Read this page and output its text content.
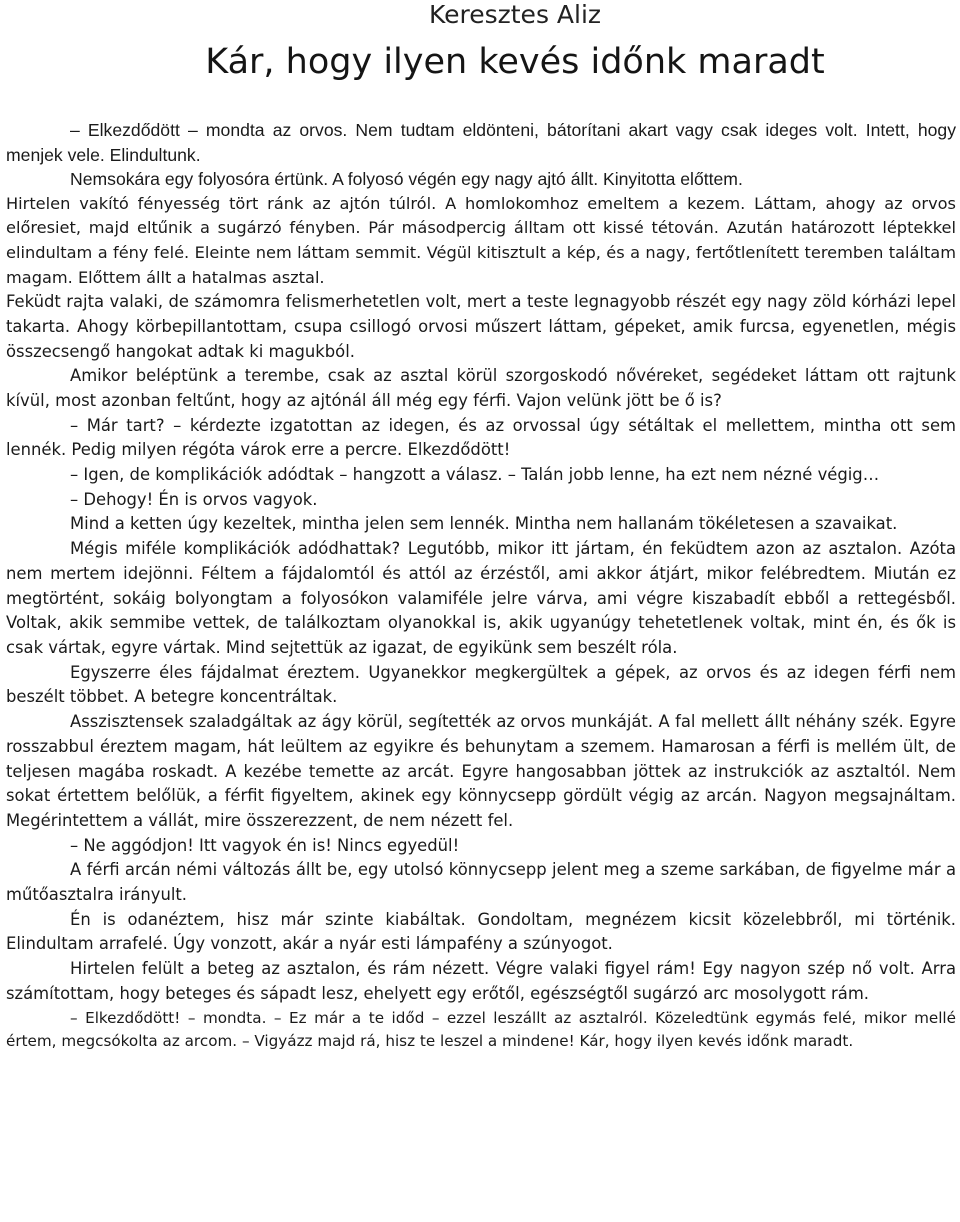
Keresztes Aliz
Kár, hogy ilyen kevés időnk maradt

– Elkezdődött – mondta az orvos. Nem tudtam eldönteni, bátorítani akart vagy csak ideges volt. Intett, hogy menjek vele. Elindultunk.

Nemsokára egy folyosóra értünk. A folyosó végén egy nagy ajtó állt. Kinyitotta előttem.

Hirtelen vakító fényesség tört ránk az ajtón túlról. A homlokomhoz emeltem a kezem. Láttam, ahogy az orvos előresiet, majd eltűnik a sugárzó fényben. Pár másodpercig álltam ott kissé tétován. Azután határozott léptekkel elindultam a fény felé. Eleinte nem láttam semmit. Végül kitisztult a kép, és a nagy, fertőtlenített teremben találtam magam. Előttem állt a hatalmas asztal.

Feküdt rajta valaki, de számomra felismerhetetlen volt, mert a teste legnagyobb részét egy nagy zöld kórházi lepel takarta. Ahogy körbepillantottam, csupa csillogó orvosi műszert láttam, gépeket, amik furcsa, egyenetlen, mégis összecsengő hangokat adtak ki magukból.

Amikor beléptünk a terembe, csak az asztal körül szorgoskodó nővéreket, segédeket láttam ott rajtunk kívül, most azonban feltűnt, hogy az ajtónál áll még egy férfi. Vajon velünk jött be ő is?

– Már tart? – kérdezte izgatottan az idegen, és az orvossal úgy sétáltak el mellettem, mintha ott sem lennék. Pedig milyen régóta várok erre a percre. Elkezdődött!

– Igen, de komplikációk adódtak – hangzott a válasz. – Talán jobb lenne, ha ezt nem nézné végig…

– Dehogy! Én is orvos vagyok.

Mind a ketten úgy kezeltek, mintha jelen sem lennék. Mintha nem hallanám tökéletesen a szavaikat.

Mégis miféle komplikációk adódhattak? Legutóbb, mikor itt jártam, én feküdtem azon az asztalon. Azóta nem mertem idejönni. Féltem a fájdalomtól és attól az érzéstől, ami akkor átjárt, mikor felébredtem. Miután ez megtörtént, sokáig bolyongtam a folyosókon valamiféle jelre várva, ami végre kiszabadít ebből a rettegésből. Voltak, akik semmibe vettek, de találkoztam olyanokkal is, akik ugyanúgy tehetetlenek voltak, mint én, és ők is csak vártak, egyre vártak. Mind sejtettük az igazat, de egyikünk sem beszélt róla.

Egyszerre éles fájdalmat éreztem. Ugyanekkor megkergültek a gépek, az orvos és az idegen férfi nem beszélt többet. A betegre koncentráltak.

Asszisztensek szaladgáltak az ágy körül, segítették az orvos munkáját. A fal mellett állt néhány szék. Egyre rosszabbul éreztem magam, hát leültem az egyikre és behunytam a szemem. Hamarosan a férfi is mellém ült, de teljesen magába roskadt. A kezébe temette az arcát. Egyre hangosabban jöttek az instrukciók az asztaltól. Nem sokat értettem belőlük, a férfit figyeltem, akinek egy könnycsepp gördült végig az arcán. Nagyon megsajnáltam. Megérintettem a vállát, mire összerezzent, de nem nézett fel.

– Ne aggódjon! Itt vagyok én is! Nincs egyedül!

A férfi arcán némi változás állt be, egy utolsó könnycsepp jelent meg a szeme sarkában, de figyelme már a műtőasztalra irányult.

Én is odanéztem, hisz már szinte kiabáltak. Gondoltam, megnézem kicsit közelebbről, mi történik. Elindultam arrafelé. Úgy vonzott, akár a nyár esti lámpafény a szúnyogot.

Hirtelen felült a beteg az asztalon, és rám nézett. Végre valaki figyel rám! Egy nagyon szép nő volt. Arra számítottam, hogy beteges és sápadt lesz, ehelyett egy erőtől, egészségtől sugárzó arc mosolygott rám.

– Elkezdődött! – mondta. – Ez már a te időd – ezzel leszállt az asztalról. Közeledtünk egymás felé, mikor mellé értem, megcsókolta az arcom. – Vigyázz majd rá, hisz te leszel a mindene! Kár, hogy ilyen kevés időnk maradt.
